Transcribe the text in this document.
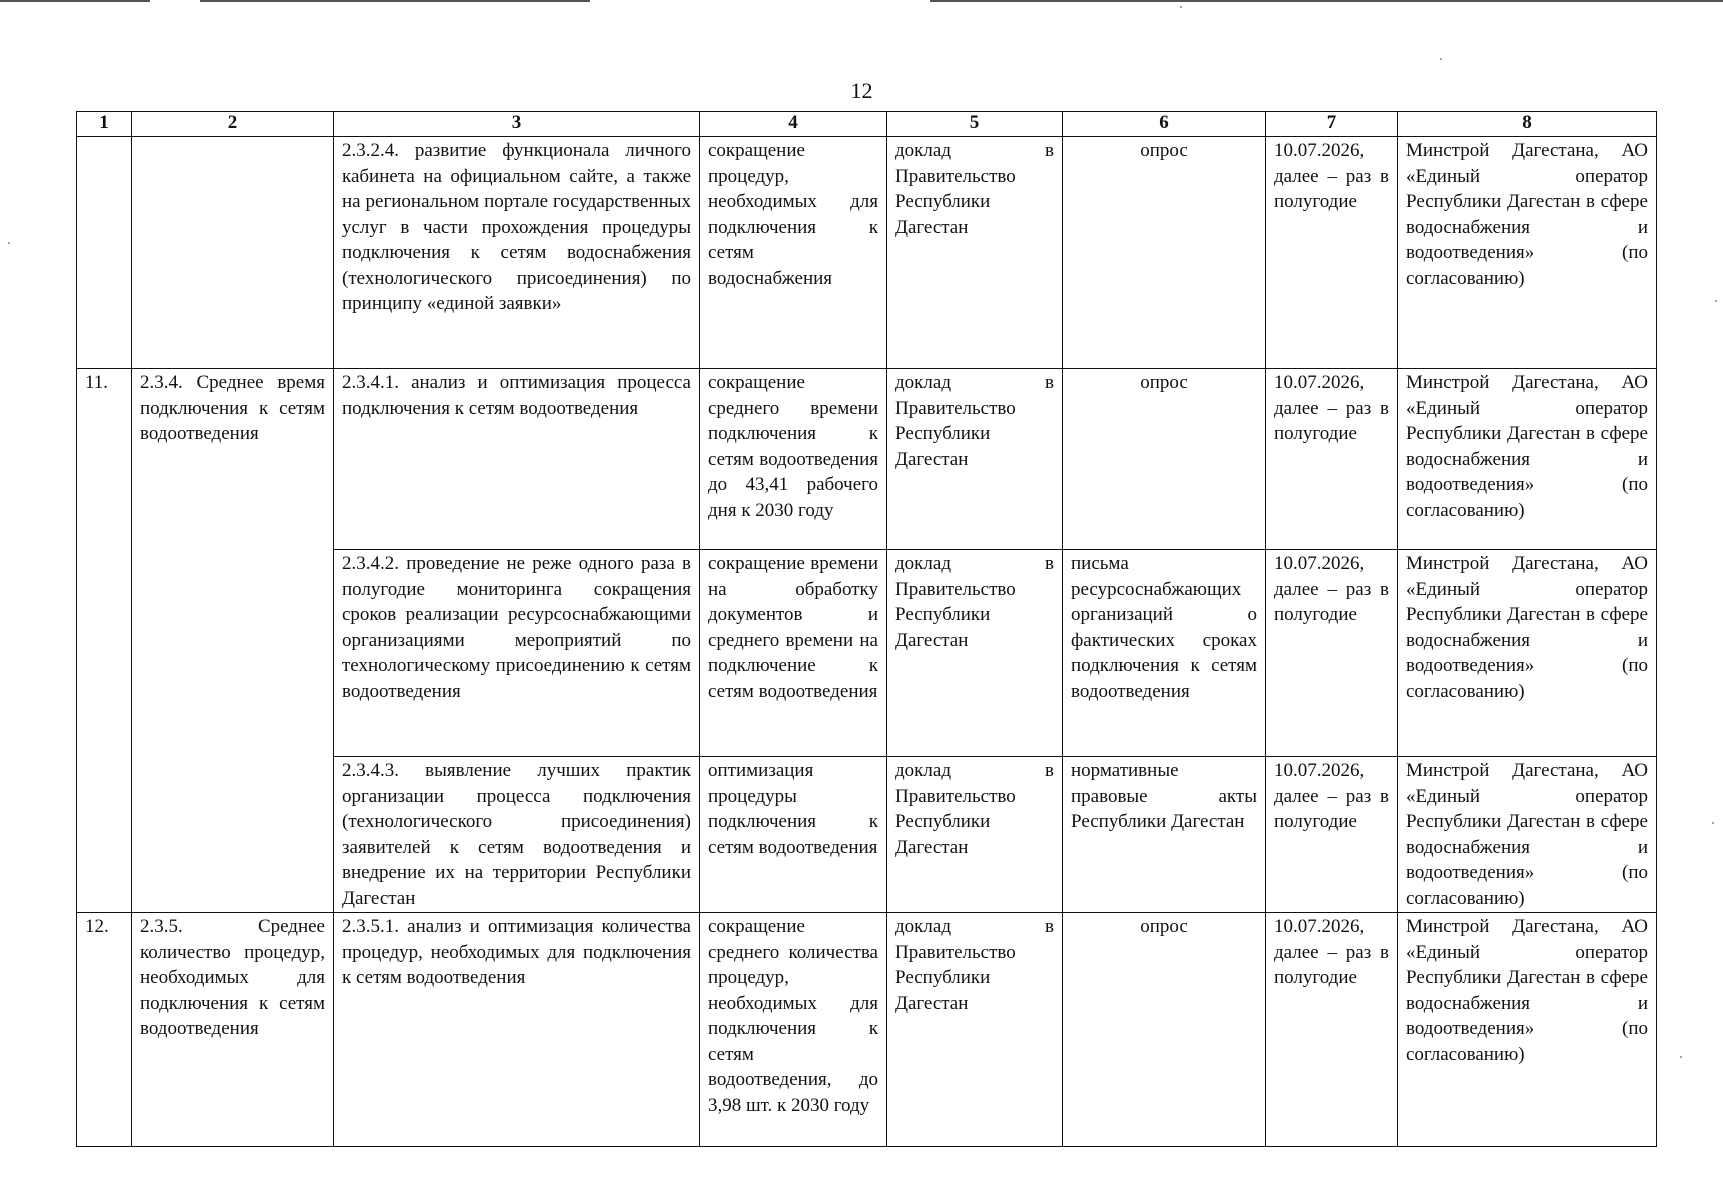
12
1	2	3	4	5	6	7	8
		2.3.2.4. развитие функционала личного кабинета на официальном сайте, а также на региональном портале государственных услуг в части прохождения процедуры подключения к сетям водоснабжения (технологического присоединения) по принципу «единой заявки»	сокращение процедур, необходимых для подключения к сетям водоснабжения	доклад в Правительство Республики Дагестан	опрос	10.07.2026, далее – раз в полугодие	Минстрой Дагестана, АО «Единый оператор Республики Дагестан в сфере водоснабжения и водоотведения» (по согласованию)
11.	2.3.4. Среднее время подключения к сетям водоотведения	2.3.4.1. анализ и оптимизация процесса подключения к сетям водоотведения	сокращение среднего времени подключения к сетям водоотведения до 43,41 рабочего дня к 2030 году	доклад в Правительство Республики Дагестан	опрос	10.07.2026, далее – раз в полугодие	Минстрой Дагестана, АО «Единый оператор Республики Дагестан в сфере водоснабжения и водоотведения» (по согласованию)
		2.3.4.2. проведение не реже одного раза в полугодие мониторинга сокращения сроков реализации ресурсоснабжающими организациями мероприятий по технологическому присоединению к сетям водоотведения	сокращение времени на обработку документов и среднего времени на подключение к сетям водоотведения	доклад в Правительство Республики Дагестан	письма ресурсоснабжающих организаций о фактических сроках подключения к сетям водоотведения	10.07.2026, далее – раз в полугодие	Минстрой Дагестана, АО «Единый оператор Республики Дагестан в сфере водоснабжения и водоотведения» (по согласованию)
		2.3.4.3. выявление лучших практик организации процесса подключения (технологического присоединения) заявителей к сетям водоотведения и внедрение их на территории Республики Дагестан	оптимизация процедуры подключения к сетям водоотведения	доклад в Правительство Республики Дагестан	нормативные правовые акты Республики Дагестан	10.07.2026, далее – раз в полугодие	Минстрой Дагестана, АО «Единый оператор Республики Дагестан в сфере водоснабжения и водоотведения» (по согласованию)
12.	2.3.5. Среднее количество процедур, необходимых для подключения к сетям водоотведения	2.3.5.1. анализ и оптимизация количества процедур, необходимых для подключения к сетям водоотведения	сокращение среднего количества процедур, необходимых для подключения к сетям водоотведения, до 3,98 шт. к 2030 году	доклад в Правительство Республики Дагестан	опрос	10.07.2026, далее – раз в полугодие	Минстрой Дагестана, АО «Единый оператор Республики Дагестан в сфере водоснабжения и водоотведения» (по согласованию)
